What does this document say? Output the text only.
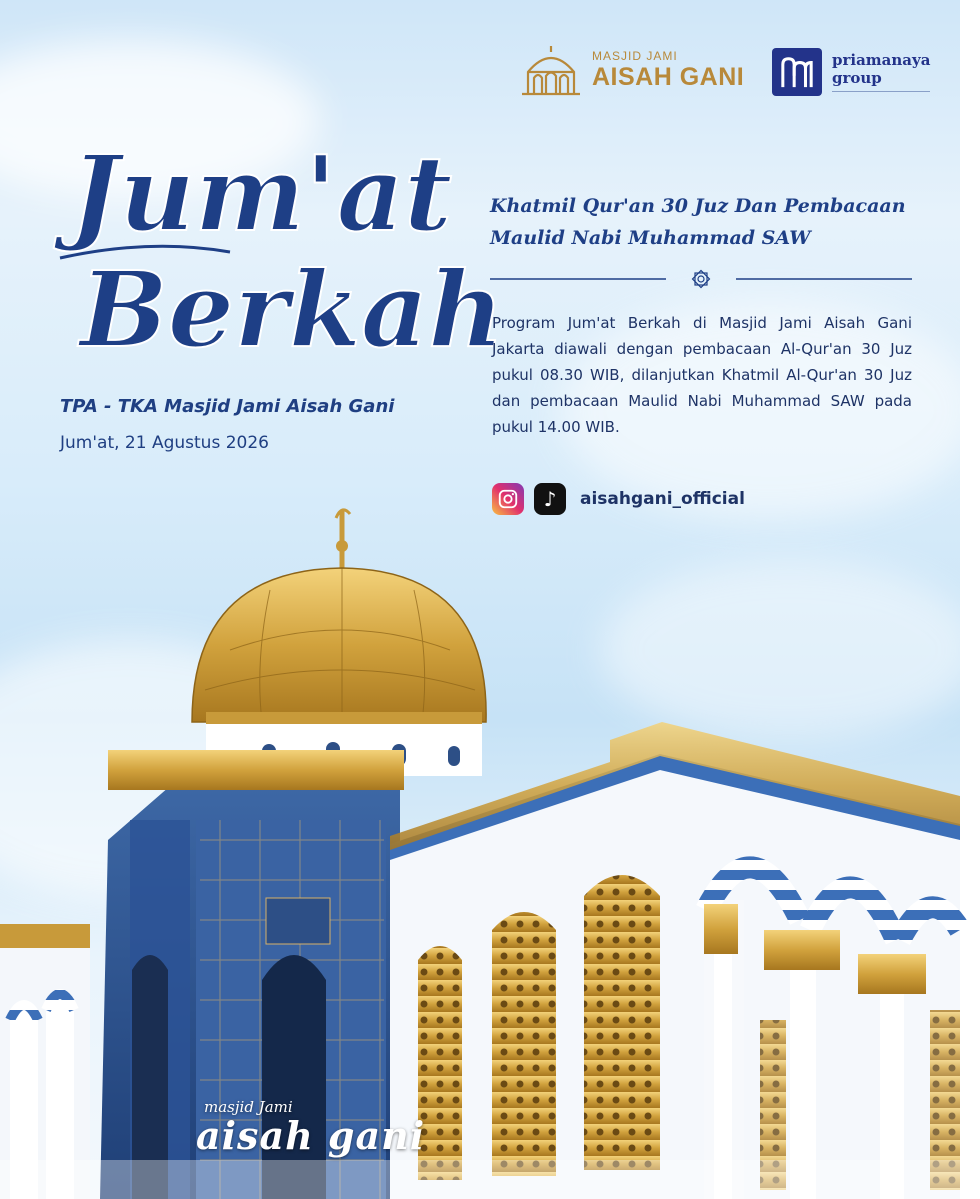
MASJID JAMI
AISAH GANI
priamanaya
group
Jum'at
Berkah
TPA - TKA Masjid Jami Aisah Gani
Jum'at, 21 Agustus 2026
Khatmil Qur'an 30 Juz Dan Pembacaan
Maulid Nabi Muhammad SAW
Program Jum'at Berkah di Masjid Jami Aisah Gani Jakarta diawali dengan pembacaan Al-Qur'an 30 Juz pukul 08.30 WIB, dilanjutkan Khatmil Al-Qur'an 30 Juz dan pembacaan Maulid Nabi Muhammad SAW pada pukul 14.00 WIB.
♪	aisahgani_official
masjid Jami
aisah gani
